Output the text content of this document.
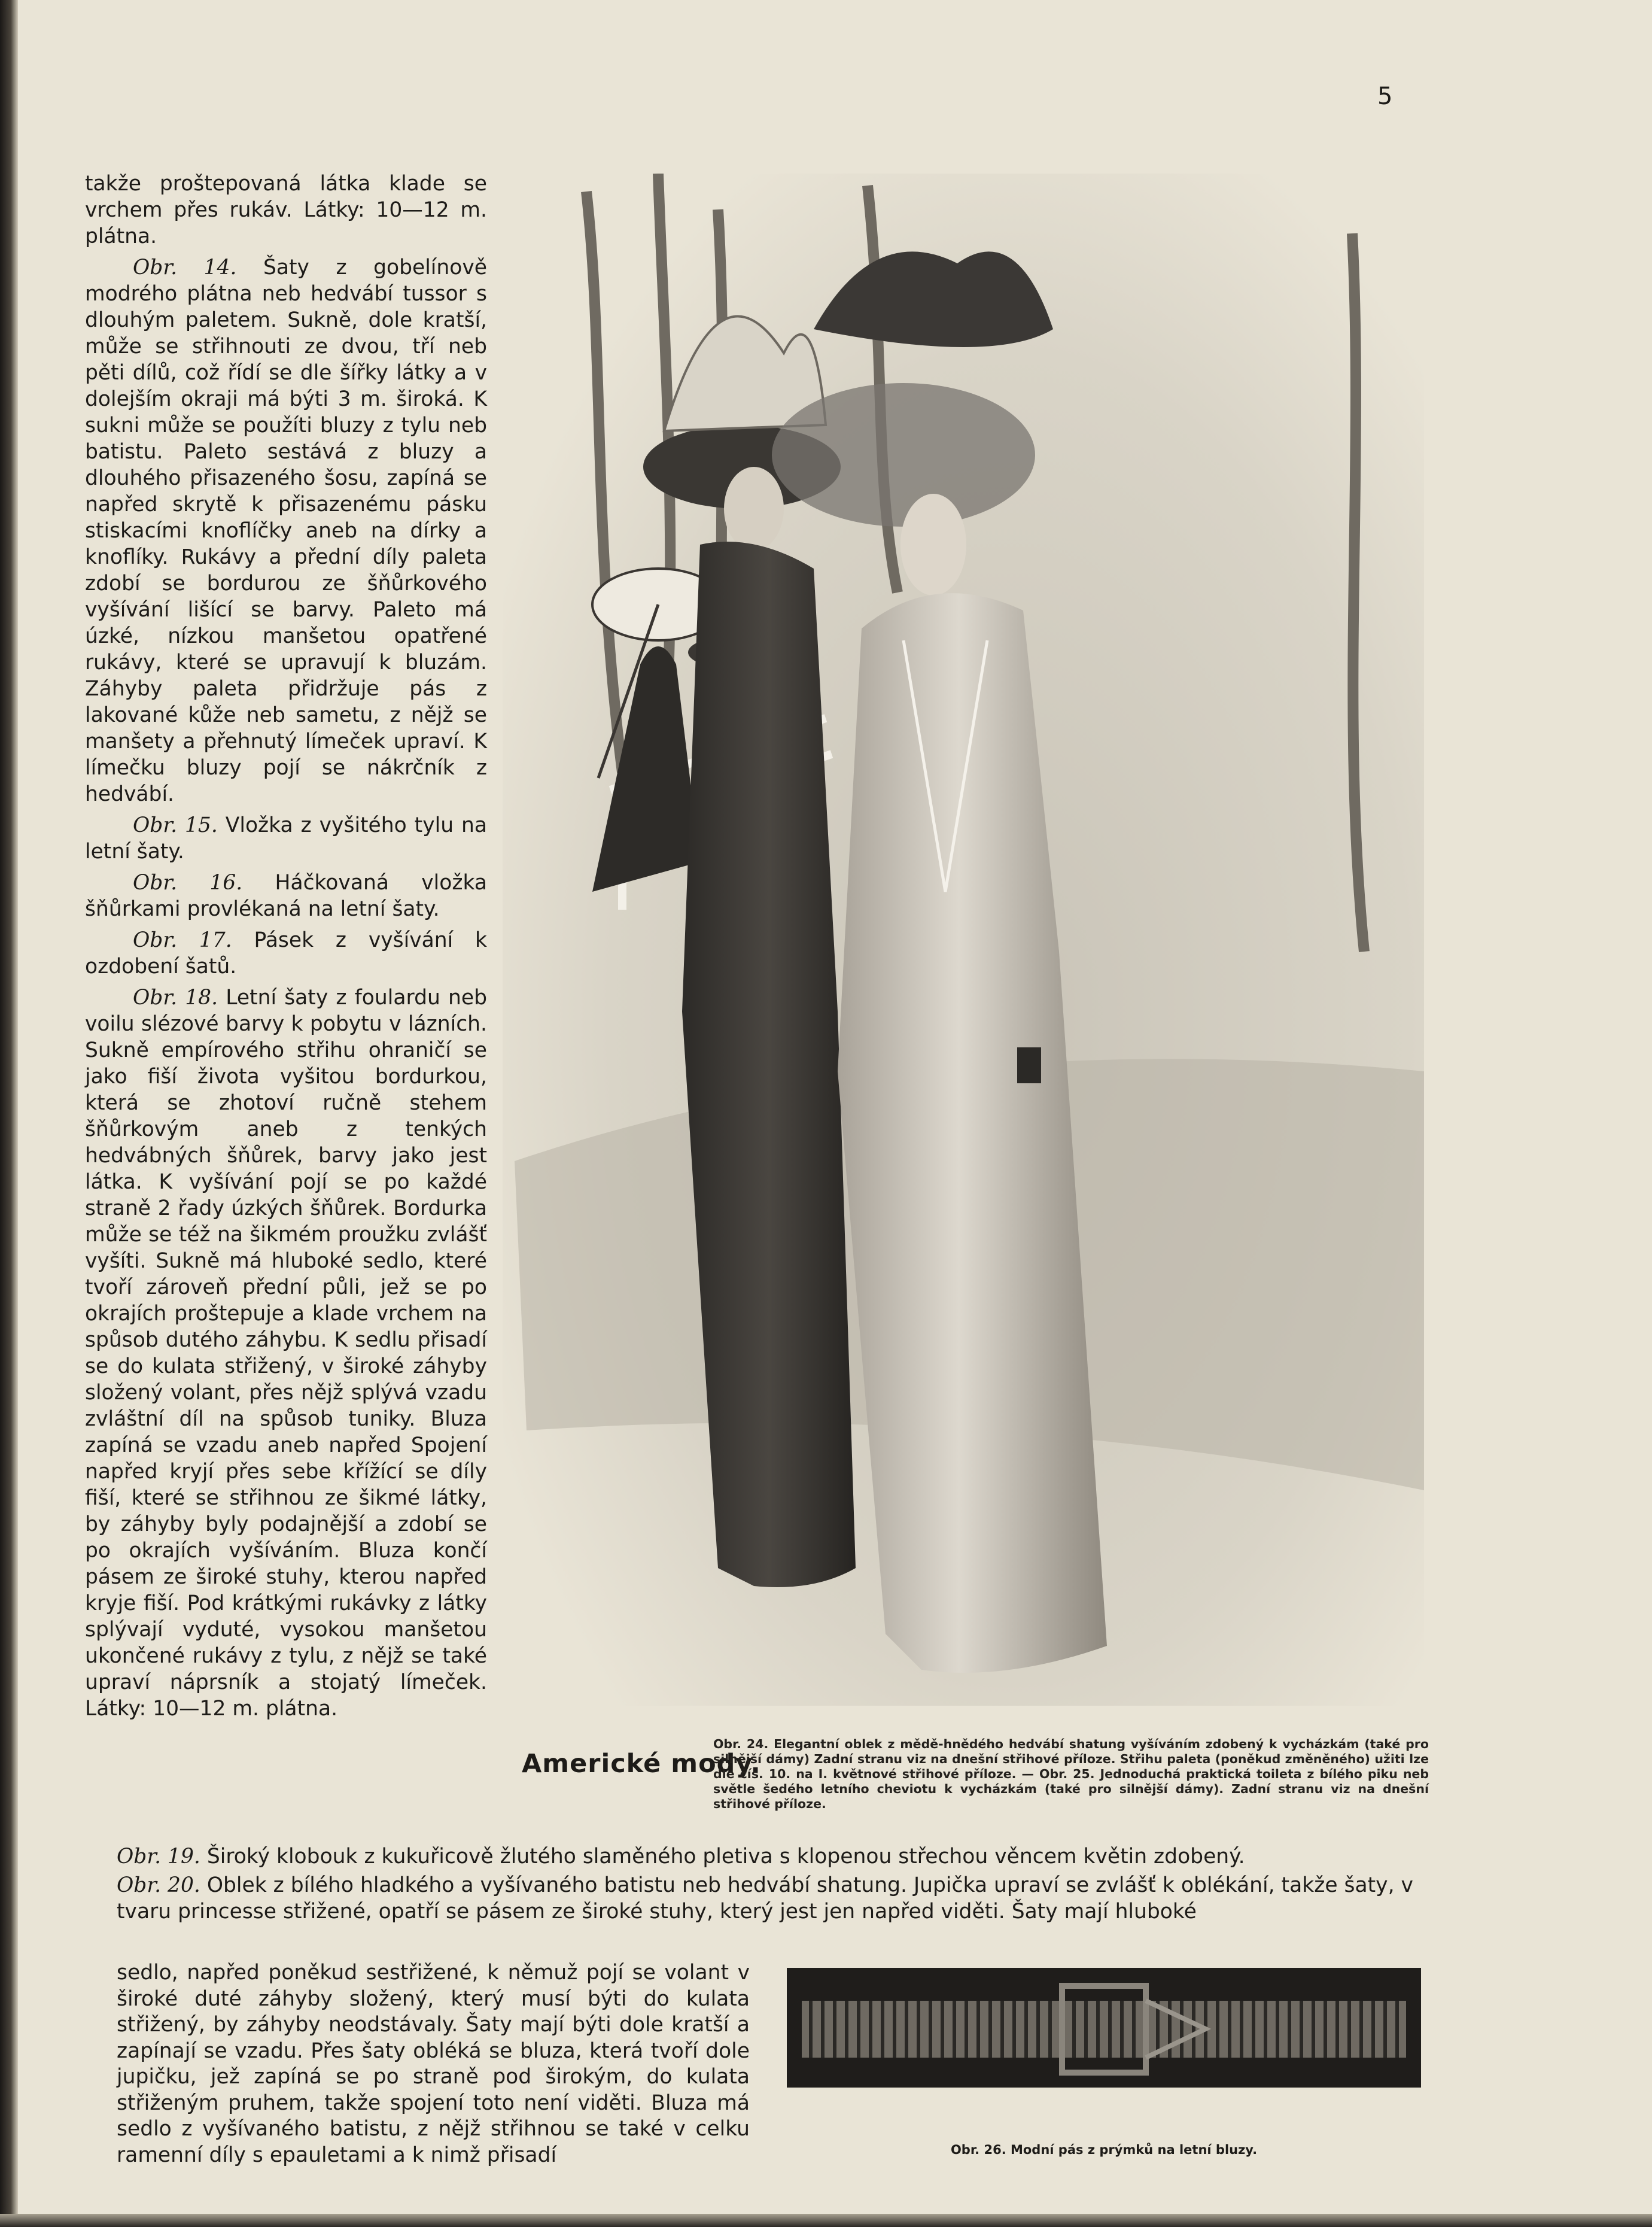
5

takže proštepovaná látka klade se vrchem přes rukáv. Látky: 10—12 m. plátna.

Obr. 14. Šaty z gobelínově modrého plátna neb hedvábí tussor s dlouhým paletem. Sukně, dole kratší, může se střihnouti ze dvou, tří neb pěti dílů, což řídí se dle šířky látky a v dolejším okraji má býti 3 m. široká. K sukni může se použíti bluzy z tylu neb batistu. Paleto sestává z bluzy a dlouhého přisazeného šosu, zapíná se napřed skrytě k přisazenému pásku stiskacími knoflíčky aneb na dírky a knoflíky. Rukávy a přední díly paleta zdobí se bordurou ze šňůrkového vyšívání lišící se barvy. Paleto má úzké, nízkou manšetou opatřené rukávy, které se upravují k bluzám. Záhyby paleta přidržuje pás z lakované kůže neb sametu, z nějž se manšety a přehnutý límeček upraví. K límečku bluzy pojí se nákrčník z hedvábí.

Obr. 15. Vložka z vyšitého tylu na letní šaty.

Obr. 16. Háčkovaná vložka šňůrkami provlékaná na letní šaty.

Obr. 17. Pásek z vyšívání k ozdobení šatů.

Obr. 18. Letní šaty z foulardu neb voilu slézové barvy k pobytu v lázních. Sukně empírového střihu ohraničí se jako fiší života vyšitou bordurkou, která se zhotoví ručně stehem šňůrkovým aneb z tenkých hedvábných šňůrek, barvy jako jest látka. K vyšívání pojí se po každé straně 2 řady úzkých šňůrek. Bordurka může se též na šikmém proužku zvlášť vyšíti. Sukně má hluboké sedlo, které tvoří zároveň přední půli, jež se po okrajích proštepuje a klade vrchem na spůsob dutého záhybu. K sedlu přisadí se do kulata střižený, v široké záhyby složený volant, přes nějž splývá vzadu zvláštní díl na spůsob tuniky. Bluza zapíná se vzadu aneb napřed Spojení napřed kryjí přes sebe křížící se díly fiší, které se střihnou ze šikmé látky, by záhyby byly podajnější a zdobí se po okrajích vyšíváním. Bluza končí pásem ze široké stuhy, kterou napřed kryje fiší. Pod krátkými rukávky z látky splývají vyduté, vysokou manšetou ukončené rukávy z tylu, z nějž se také upraví náprsník a stojatý límeček. Látky: 10—12 m. plátna.

Americké mody.
Obr. 24. Elegantní oblek z mědě-hnědého hedvábí shatung vyšíváním zdobený k vycházkám (také pro silnější dámy) Zadní stranu viz na dnešní střihové příloze. Střihu paleta (poněkud změněného) užiti lze dle čís. 10. na I. květnové střihové příloze. — Obr. 25. Jednoduchá praktická toileta z bílého piku neb světle šedého letního cheviotu k vycházkám (také pro silnější dámy). Zadní stranu viz na dnešní střihové příloze.

Obr. 19. Široký klobouk z kukuřicově žlutého slaměného pletiva s klopenou střechou věncem květin zdobený.

Obr. 20. Oblek z bílého hladkého a vyšívaného batistu neb hedvábí shatung. Jupička upraví se zvlášť k oblékání, takže šaty, v tvaru princesse střižené, opatří se pásem ze široké stuhy, který jest jen napřed viděti. Šaty mají hluboké

sedlo, napřed poněkud sestřižené, k němuž pojí se volant v široké duté záhyby složený, který musí býti do kulata střižený, by záhyby neodstávaly. Šaty mají býti dole kratší a zapínají se vzadu. Přes šaty obléká se bluza, která tvoří dole jupičku, jež zapíná se po straně pod širokým, do kulata střiženým pruhem, takže spojení toto není viděti. Bluza má sedlo z vyšívaného batistu, z nějž střihnou se také v celku ramenní díly s epauletami a k nimž přisadí	Obr. 26. Modní pás z prýmků na letní bluzy.
